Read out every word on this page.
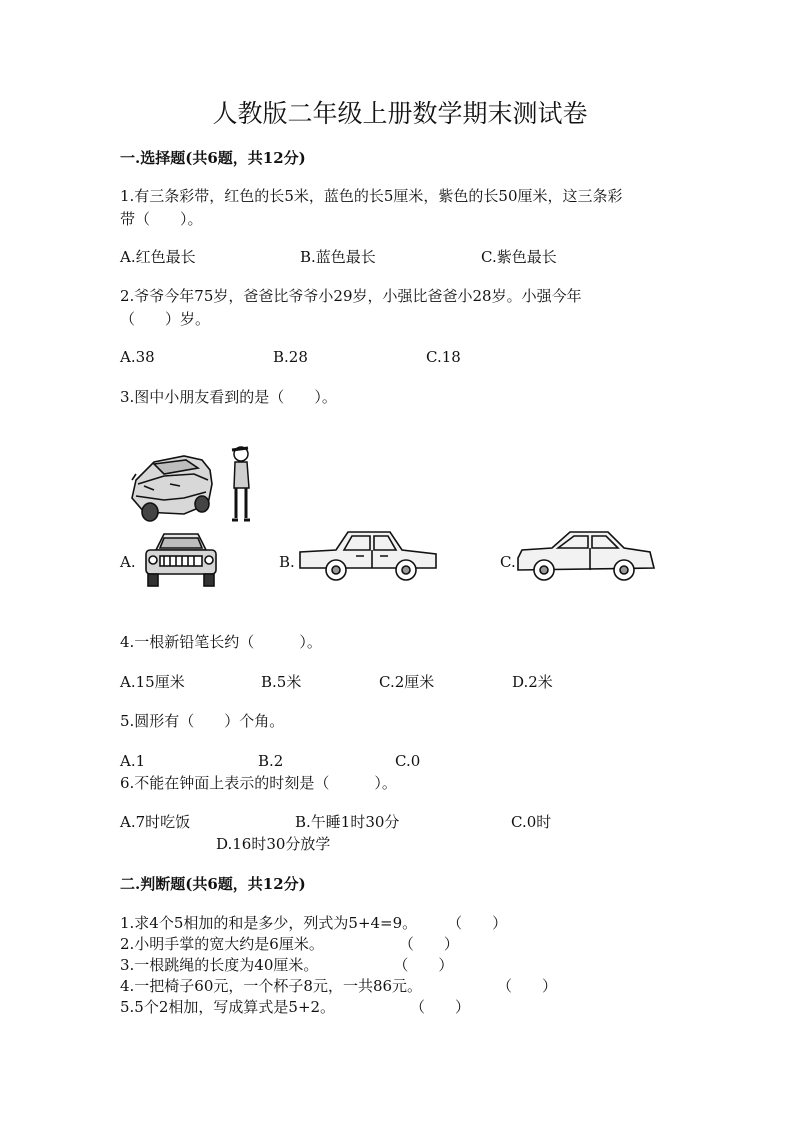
人教版二年级上册数学期末测试卷
一.选择题(共6题，共12分)
1.有三条彩带，红色的长5米，蓝色的长5厘米，紫色的长50厘米，这三条彩
带（　　）。
A.红色最长	B.蓝色最长	C.紫色最长
2.爷爷今年75岁，爸爸比爷爷小29岁，小强比爸爸小28岁。小强今年
（　　）岁。
A.38	B.28	C.18
3.图中小朋友看到的是（　　）。
A.	B.	C.
4.一根新铅笔长约（　　　）。
A.15厘米	B.5米	C.2厘米	D.2米
5.圆形有（　　）个角。
A.1	B.2	C.0
6.不能在钟面上表示的时刻是（　　　）。
A.7时吃饭	B.午睡1时30分	C.0时
D.16时30分放学
二.判断题(共6题，共12分)
1.求4个5相加的和是多少，列式为5+4=9。　　　（　　）
2.小明手掌的宽大约是6厘米。　　　　　　（　　）
3.一根跳绳的长度为40厘米。　　　　　　（　　）
4.一把椅子60元，一个杯子8元，一共86元。　　　　　　（　　）
5.5个2相加，写成算式是5+2。　　　　　　（　　）
